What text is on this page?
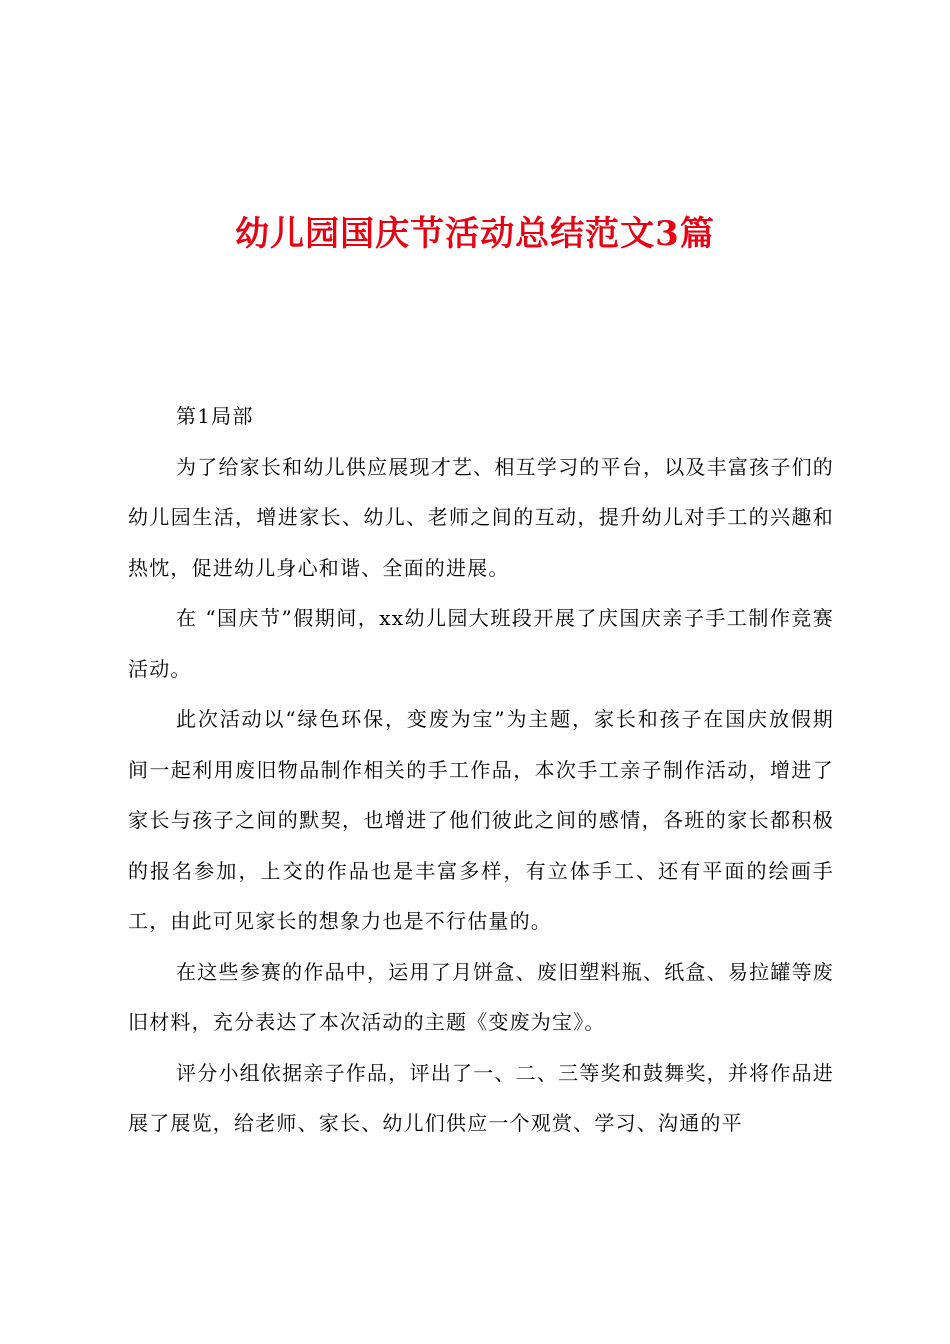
幼儿园国庆节活动总结范文3篇

第1局部

为了给家长和幼儿供应展现才艺、相互学习的平台，以及丰富孩子们的幼儿园生活，增进家长、幼儿、老师之间的互动，提升幼儿对手工的兴趣和热忱，促进幼儿身心和谐、全面的进展。

在 “国庆节”假期间，xx幼儿园大班段开展了庆国庆亲子手工制作竞赛活动。

此次活动以“绿色环保，变废为宝”为主题，家长和孩子在国庆放假期间一起利用废旧物品制作相关的手工作品，本次手工亲子制作活动，增进了家长与孩子之间的默契，也增进了他们彼此之间的感情，各班的家长都积极的报名参加，上交的作品也是丰富多样，有立体手工、还有平面的绘画手工，由此可见家长的想象力也是不行估量的。

在这些参赛的作品中，运用了月饼盒、废旧塑料瓶、纸盒、易拉罐等废旧材料，充分表达了本次活动的主题《变废为宝》。

评分小组依据亲子作品，评出了一、二、三等奖和鼓舞奖，并将作品进展了展览，给老师、家长、幼儿们供应一个观赏、学习、沟通的平
